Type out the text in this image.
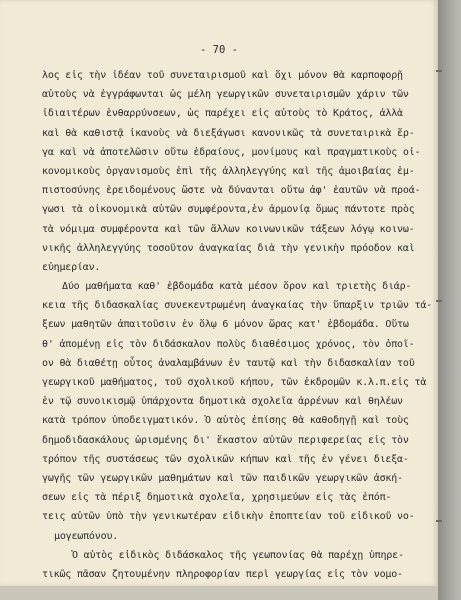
- 70 -
λος εἰς τὴν ἰδέαν τοῦ συνεταιρισμοῦ καὶ ὄχι μόνον θὰ καρποφορῇ
αὐτοὺς νὰ ἐγγράφωνται ὡς μέλη γεωργικῶν συνεταιρισμῶν χάριν τῶν
ἰδιαιτέρων ἐνθαρρύνσεων, ὡς παρέχει εἰς αὐτοὺς τὸ Κράτος, ἀλλὰ
καὶ θὰ καθιστᾷ ἱκανοὺς νὰ διεξάγωσι κανονικῶς τὰ συνεταιρικὰ ἔρ-
γα καὶ νὰ ἀποτελῶσιν οὕτω ἑδραίους, μονίμους καὶ πραγματικοὺς οἰ-
κονομικοὺς ὀργανισμοὺς ἐπὶ τῆς ἀλληλεγγύης καὶ τῆς ἀμοιβαίας ἐμ-
πιστοσύνης ἐρειδομένους ὥστε νὰ δύνανται οὕτω ἀφ' ἑαυτῶν νὰ προά-
γωσι τὰ οἰκονομικὰ αὐτῶν συμφέροντα,ἐν ἁρμονίᾳ ὅμως πάντοτε πρὸς
τὰ νόμιμα συμφέροντα καὶ τῶν ἄλλων κοινωνικῶν τάξεων λόγῳ κοινω-
νικῆς ἀλληλεγγύης τοσοῦτον ἀναγκαίας διὰ τὴν γενικὴν πρόοδον καὶ
εὐημερίαν.
Δύο μαθήματα καθ' ἑβδομάδα κατὰ μέσον ὅρον καὶ τριετὴς διάρ-
κεια τῆς διδασκαλίας συνεκεντρωμένη ἀναγκαίας τὴν ὕπαρξιν τριῶν τά-
ξεων μαθητῶν ἀπαιτοῦσιν ἐν ὅλῳ 6 μόνον ὥρας κατ' ἑβδομάδα. Οὕτω
θ' ἀπομένῃ εἰς τὸν διδάσκαλον πολὺς διαθέσιμος χρόνος, τὸν ὁποῖ-
ον θὰ διαθέτῃ οὗτος ἀναλαμβάνων ἐν ταυτῷ καὶ τὴν διδασκαλίαν τοῦ
γεωργικοῦ μαθήματος, τοῦ σχολικοῦ κήπου, τῶν ἐκδρομῶν κ.λ.π.εἰς τὰ
ἐν τῷ συνοικισμῷ ὑπάρχοντα δημοτικὰ σχολεῖα ἀρρένων καὶ θηλέων
κατὰ τρόπον ὑποδειγματικόν. Ὁ αὐτὸς ἐπίσης θὰ καθοδηγῇ καὶ τοὺς
δημοδιδασκάλους ὡρισμένης δι' ἕκαστον αὐτῶν περιφερείας εἰς τὸν
τρόπον τῆς συστάσεως τῶν σχολικῶν κήπων καὶ τῆς ἐν γένει διεξα-
γωγῆς τῶν γεωργικῶν μαθημάτων καὶ τῶν παιδικῶν γεωργικῶν ἀσκή-
σεων εἰς τὰ πέριξ δημοτικὰ σχολεῖα, χρησιμεύων εἰς τὰς ἐπόπ-
τεις αὐτῶν ὑπὸ τὴν γενικωτέραν εἰδικὴν ἐποπτείαν τοῦ εἰδικοῦ νο-
μογεωπόνου.
Ὁ αὐτὸς εἰδικὸς διδάσκαλος τῆς γεωπονίας θὰ παρέχῃ ὑπηρε-
τικῶς πᾶσαν ζητουμένην πληροφορίαν περὶ γεωργίας εἰς τὸν νομο-
